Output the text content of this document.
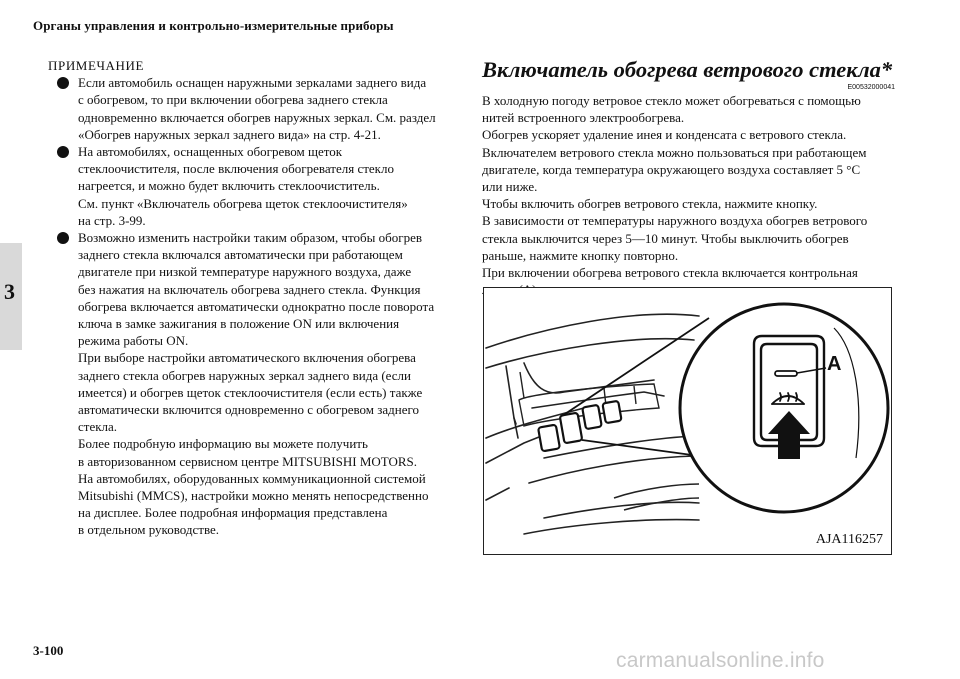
Органы управления и контрольно-измерительные приборы
3
ПРИМЕЧАНИЕ

Если автомобиль оснащен наружными зеркалами заднего вида

с обогревом, то при включении обогрева заднего стекла

одновременно включается обогрев наружных зеркал. См. раздел

«Обогрев наружных зеркал заднего вида» на стр. 4-21.

На автомобилях, оснащенных обогревом щеток

стеклоочистителя, после включения обогревателя стекло

нагреется, и можно будет включить стеклоочиститель.

См. пункт «Включатель обогрева щеток стеклоочистителя»

на стр. 3-99.

Возможно изменить настройки таким образом, чтобы обогрев

заднего стекла включался автоматически при работающем

двигателе при низкой температуре наружного воздуха, даже

без нажатия на включатель обогрева заднего стекла. Функция

обогрева включается автоматически однократно после поворота

ключа в замке зажигания в положение ON или включения

режима работы ON.

При выборе настройки автоматического включения обогрева

заднего стекла обогрев наружных зеркал заднего вида (если

имеется) и обогрев щеток стеклоочистителя (если есть) также

автоматически включится одновременно с обогревом заднего

стекла.

Более подробную информацию вы можете получить

в авторизованном сервисном центре MITSUBISHI MOTORS.

На автомобилях, оборудованных коммуникационной системой

Mitsubishi (MMCS), настройки можно менять непосредственно

на дисплее. Более подробная информация представлена

в отдельном руководстве.

Включатель обогрева ветрового стекла*
E00532000041

В холодную погоду ветровое стекло может обогреваться с помощью

нитей встроенного электрообогрева.

Обогрев ускоряет удаление инея и конденсата с ветрового стекла.

Включателем ветрового стекла можно пользоваться при работающем

двигателе, когда температура окружающего воздуха составляет 5 °C

или ниже.

Чтобы включить обогрев ветрового стекла, нажмите кнопку.

В зависимости от температуры наружного воздуха обогрев ветрового

стекла выключится через 5—10 минут. Чтобы выключить обогрев

раньше, нажмите кнопку повторно.

При включении обогрева ветрового стекла включается контрольная

A
AJA116257
3-100	carmanualsonline.info
